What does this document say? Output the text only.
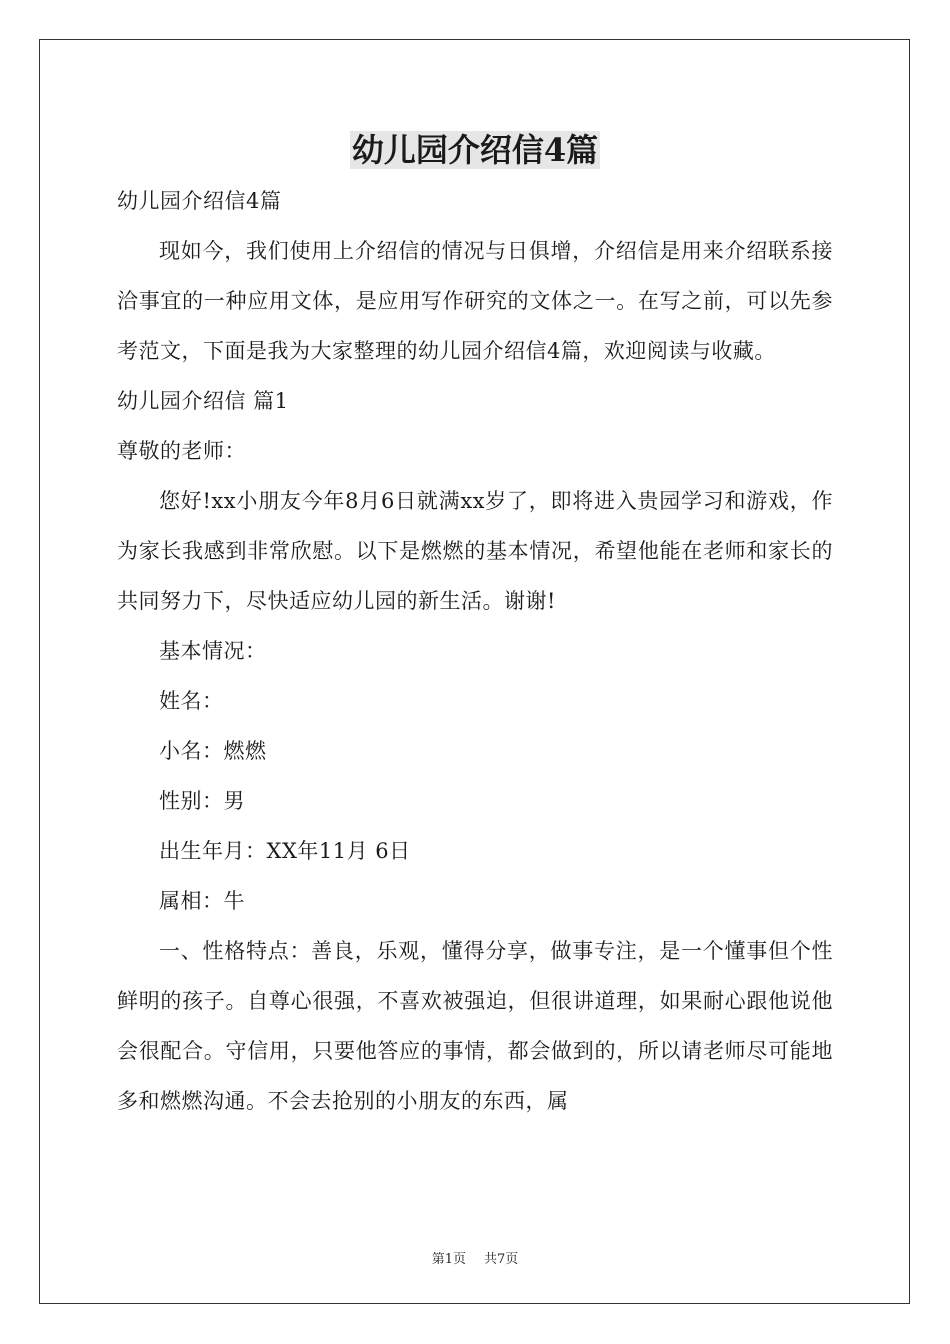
幼儿园介绍信4篇

幼儿园介绍信4篇

现如今，我们使用上介绍信的情况与日俱增，介绍信是用来介绍联系接洽事宜的一种应用文体，是应用写作研究的文体之一。在写之前，可以先参考范文，下面是我为大家整理的幼儿园介绍信4篇，欢迎阅读与收藏。

幼儿园介绍信 篇1

尊敬的老师：

您好!xx小朋友今年8月6日就满xx岁了，即将进入贵园学习和游戏，作为家长我感到非常欣慰。以下是燃燃的基本情况，希望他能在老师和家长的共同努力下，尽快适应幼儿园的新生活。谢谢!

基本情况：

姓名：

小名：燃燃

性别：男

出生年月：XX年11月 6日

属相：牛

一、性格特点：善良，乐观，懂得分享，做事专注，是一个懂事但个性鲜明的孩子。自尊心很强，不喜欢被强迫，但很讲道理，如果耐心跟他说他会很配合。守信用，只要他答应的事情，都会做到的，所以请老师尽可能地多和燃燃沟通。不会去抢别的小朋友的东西，属

第1页 共7页
